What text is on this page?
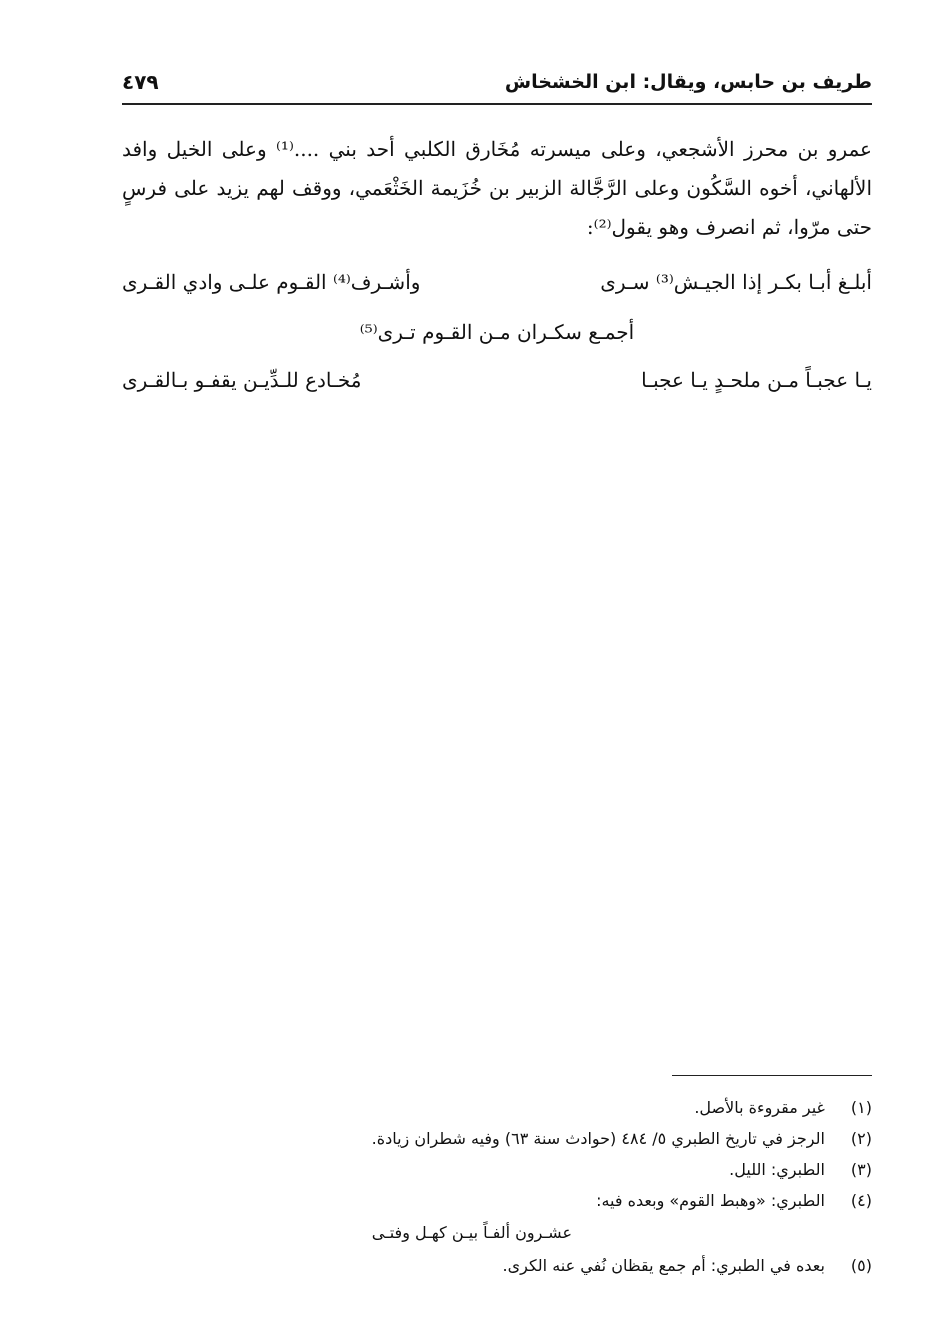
طريف بن حابس، ويقال: ابن الخشخاش
٤٧٩

عمرو بن محرز الأشجعي، وعلى ميسرته مُخَارق الكلبي أحد بني ....⁽¹⁾ وعلى الخيل وافد الألهاني، أخوه السَّكُون وعلى الرَّجَّالة الزبير بن خُزَيمة الخَثْعَمي، ووقف لهم يزيد على فرسٍ حتى مرّوا، ثم انصرف وهو يقول⁽²⁾:

أبلـغ أبـا بكـر إذا الجيـش⁽³⁾ سـرى
وأشـرف⁽⁴⁾ القـوم علـى وادي القـرى
أجمـع سكـران مـن القـوم تـرى⁽⁵⁾
يـا عجبـاً مـن ملحـدٍ يـا عجبـا
مُخـادع للـدِّيـن يقفـو بـالقـرى
(١) غير مقروءة بالأصل.
(٢) الرجز في تاريخ الطبري ٥/ ٤٨٤ (حوادث سنة ٦٣) وفيه شطران زيادة.
(٣) الطبري: الليل.
(٤) الطبري: «وهبط القوم» وبعده فيه:
عشـرون ألفـاً بيـن كهـل وفتـى
(٥) بعده في الطبري: أم جمع يقظان نُفي عنه الكرى.
